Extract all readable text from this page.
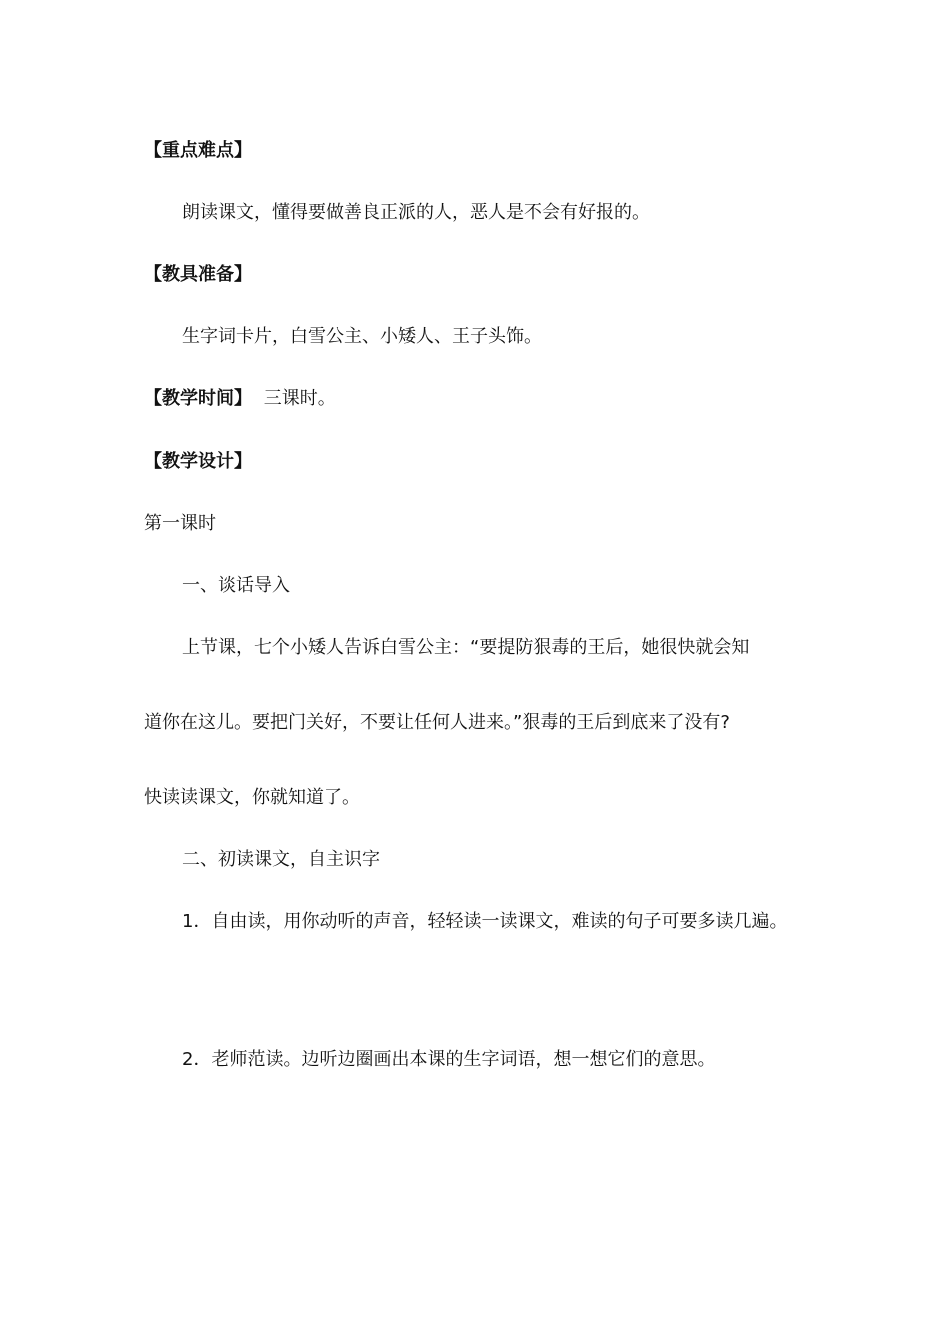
【重点难点】
朗读课文，懂得要做善良正派的人，恶人是不会有好报的。
【教具准备】
生字词卡片，白雪公主、小矮人、王子头饰。
【教学时间】 三课时。
【教学设计】
第一课时
一、谈话导入
上节课，七个小矮人告诉白雪公主：“要提防狠毒的王后，她很快就会知
道你在这儿。要把门关好，不要让任何人进来。”狠毒的王后到底来了没有?
快读读课文，你就知道了。
二、初读课文，自主识字
1．自由读，用你动听的声音，轻轻读一读课文，难读的句子可要多读几遍。
2．老师范读。边听边圈画出本课的生字词语，想一想它们的意思。
